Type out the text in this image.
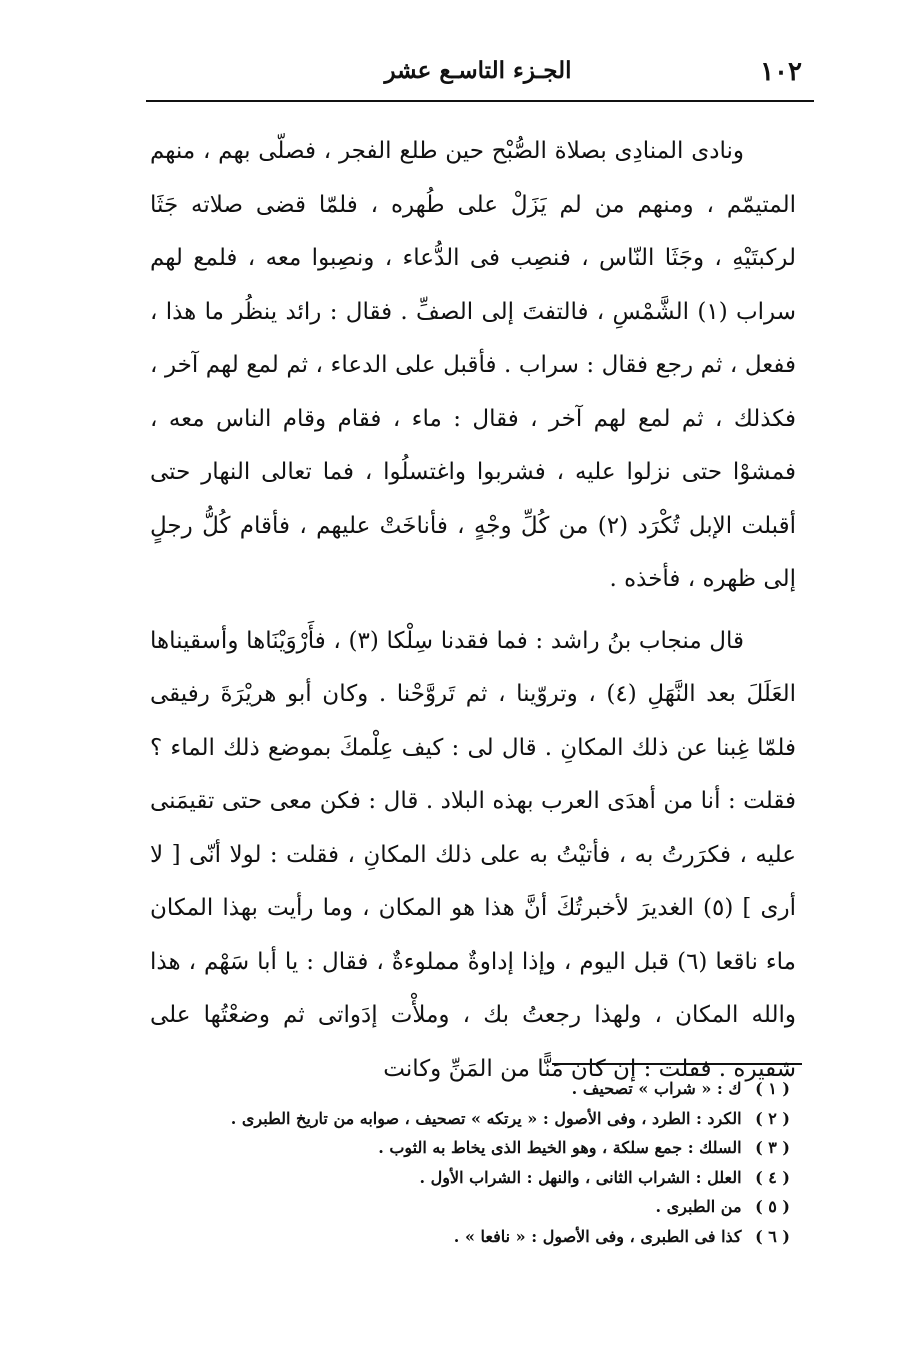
١٠٢
الجـزء التاسـع عشر

ونادى المنادِى بصلاة الصُّبْح حين طلع الفجر ، فصلّى بهم ، منهم المتيمّم ، ومنهم من لم يَزَلْ على طُهره ، فلمّا قضى صلاته جَثَا لركبتَيْهِ ، وجَثَا النّاس ، فنصِب فى الدُّعاء ، ونصِبوا معه ، فلمع لهم سراب (١) الشَّمْسِ ، فالتفتَ إلى الصفِّ . فقال : رائد ينظُر ما هذا ، ففعل ، ثم رجع فقال : سراب . فأقبل على الدعاء ، ثم لمع لهم آخر ، فكذلك ، ثم لمع لهم آخر ، فقال : ماء ، فقام وقام الناس معه ، فمشوْا حتى نزلوا عليه ، فشربوا واغتسلُوا ، فما تعالى النهار حتى أقبلت الإبل تُكْرَد (٢) من كُلِّ وجْهٍ ، فأناخَتْ عليهم ، فأقام كُلُّ رجلٍ إلى ظهره ، فأخذه .

قال منجاب بنُ راشد : فما فقدنا سِلْكا (٣) ، فأَرْوَيْنَاها وأسقيناها العَلَلَ بعد النَّهَلِ (٤) ، وتروّينا ، ثم تَروَّحْنا . وكان أبو هريْرَةَ رفيقى فلمّا غِبنا عن ذلك المكانِ . قال لى : كيف عِلْمكَ بموضع ذلك الماء ؟ فقلت : أنا من أهدَى العرب بهذه البلاد . قال : فكن معى حتى تقيمَنى عليه ، فكرَرتُ به ، فأتيْتُ به على ذلك المكانِ ، فقلت : لولا أنّى [ لا أرى ] (٥) الغديرَ لأخبرتُكَ أنَّ هذا هو المكان ، وما رأيت بهذا المكان ماء ناقعا (٦) قبل اليوم ، وإذا إداوةٌ مملوءةٌ ، فقال : يا أبا سَهْم ، هذا والله المكان ، ولهذا رجعتُ بك ، وملأْت إدَواتى ثم وضعْتُها على شفيره . فقلت : إن كان مَنًّا من المَنِّ وكانت

( ١ ) ك : « شراب » تصحيف .
( ٢ ) الكرد : الطرد ، وفى الأصول : « يرتكه » تصحيف ، صوابه من تاريخ الطبرى .
( ٣ ) السلك : جمع سلكة ، وهو الخيط الذى يخاط به الثوب .
( ٤ ) العلل : الشراب الثانى ، والنهل : الشراب الأول .
( ٥ ) من الطبرى .
( ٦ ) كذا فى الطبرى ، وفى الأصول : « نافعا » .
